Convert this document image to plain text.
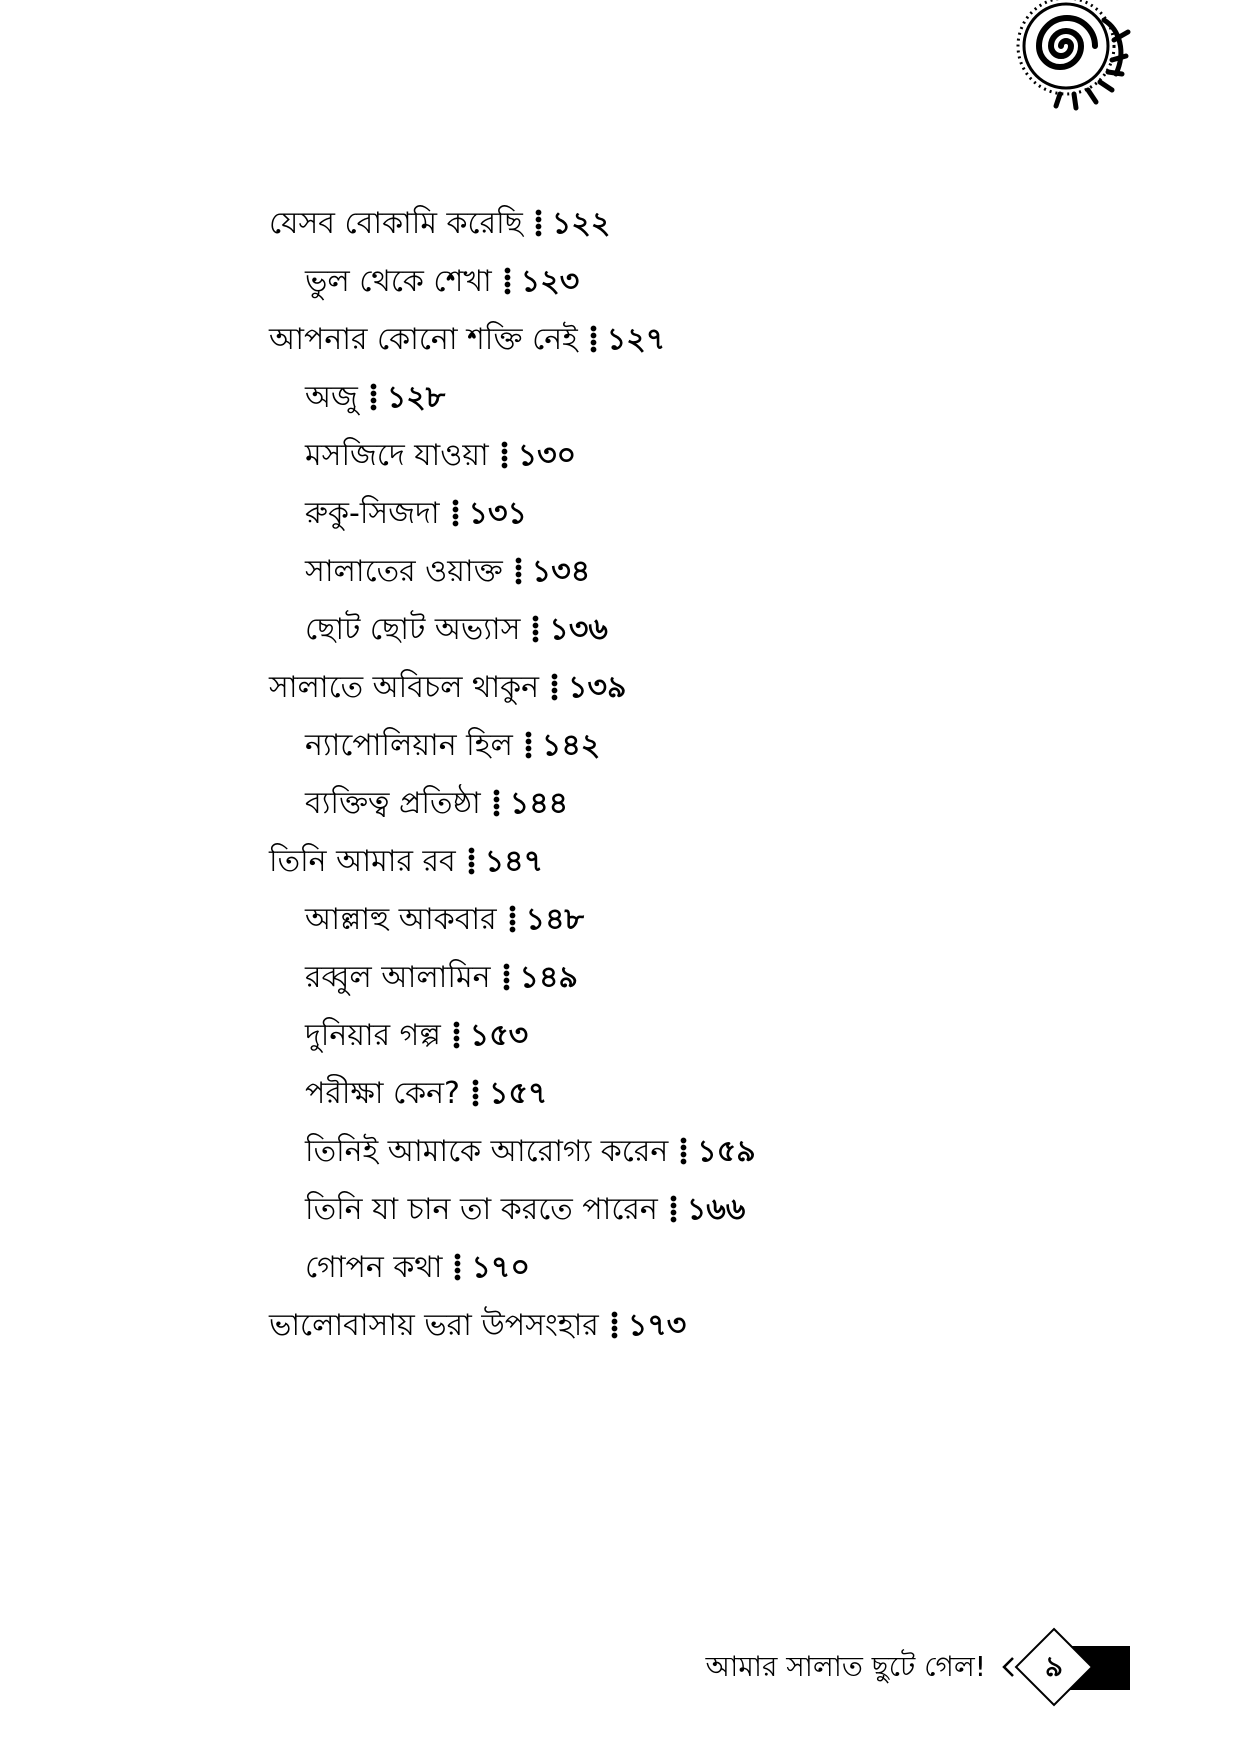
যেসব বোকামি করেছি ১২২
ভুল থেকে শেখা ১২৩
আপনার কোনো শক্তি নেই ১২৭
অজু ১২৮
মসজিদে যাওয়া ১৩০
রুকু-সিজদা ১৩১
সালাতের ওয়াক্ত ১৩৪
ছোট ছোট অভ্যাস ১৩৬
সালাতে অবিচল থাকুন ১৩৯
ন্যাপোলিয়ান হিল ১৪২
ব্যক্তিত্ব প্রতিষ্ঠা ১৪৪
তিনি আমার রব ১৪৭
আল্লাহু আকবার ১৪৮
রব্বুল আলামিন ১৪৯
দুনিয়ার গল্প ১৫৩
পরীক্ষা কেন? ১৫৭
তিনিই আমাকে আরোগ্য করেন ১৫৯
তিনি যা চান তা করতে পারেন ১৬৬
গোপন কথা ১৭০
ভালোবাসায় ভরা উপসংহার ১৭৩
আমার সালাত ছুটে গেল!	৯
